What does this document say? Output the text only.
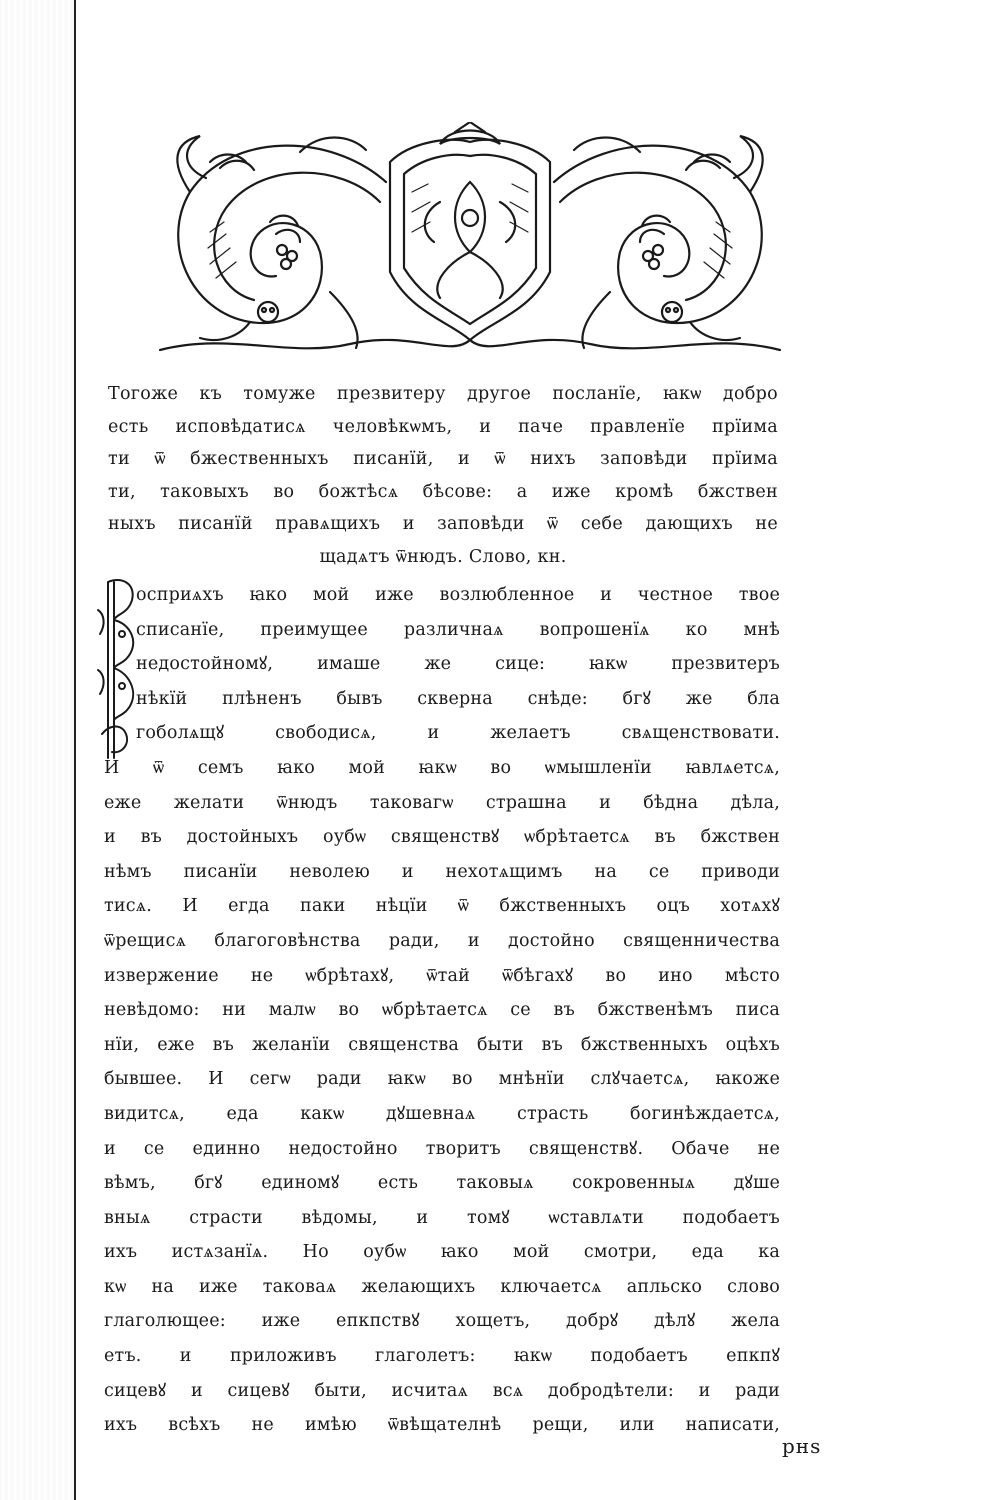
Тогоже къ томуже презвитеру другое посланїе, ꙗкѡ добро
есть исповѣдатисѧ человѣкѡмъ, и паче правленїе прїима
ти ѿ бжественныхъ писанїй, и ѿ нихъ заповѣди прїима
ти, таковыхъ во божтѣсѧ бѣсове: а иже кромѣ бжствен
ныхъ писанїй правѧщихъ и заповѣди ѿ себе дающихъ не
щадѧтъ ѿнюдъ. Слово, кн.
осприѧхъ ꙗко мой иже возлюбленное и честное твое
списанїе, преимущее различнаѧ вопрошенїѧ ко мнѣ
недостойномꙋ, имаше же сице: ꙗкѡ презвитеръ
нѣкїй плѣненъ бывъ скверна снѣде: бгꙋ же бла
гоболѧщꙋ свободисѧ, и желаетъ свѧщенствовати.
И ѿ семъ ꙗко мой ꙗкѡ во ѡмышленїи ꙗвлѧетсѧ,
еже желати ѿнюдъ таковагѡ страшна и бѣдна дѣла,
и въ достойныхъ оубѡ священствꙋ ѡбрѣтаетсѧ въ бжствен
нѣмъ писанїи неволею и нехотѧщимъ на се приводи
тисѧ. И егда паки нѣцїи ѿ бжственныхъ оцъ хотѧхꙋ
ѿрещисѧ благоговѣнства ради, и достойно священничества
извержение не ѡбрѣтахꙋ, ѿтай ѿбѣгахꙋ во ино мѣсто
невѣдомо: ни малѡ во ѡбрѣтаетсѧ се въ бжственѣмъ писа
нїи, еже въ желанїи священства быти въ бжственныхъ оцѣхъ
бывшее. И сегѡ ради ꙗкѡ во мнѣнїи слꙋчаетсѧ, ꙗкоже
видитсѧ, еда какѡ дꙋшевнаѧ страсть богинѣждаетсѧ,
и се единно недостойно творитъ священствꙋ. Обаче не
вѣмъ, бгꙋ единомꙋ есть таковыѧ сокровенныѧ дꙋше
вныѧ страсти вѣдомы, и томꙋ ѡставлѧти подобаетъ
ихъ истѧзанїѧ. Но оубѡ ꙗко мой смотри, еда ка
кѡ на иже таковаѧ желающихъ ключаетсѧ апльско слово
глаголющее: иже епкпствꙋ хощетъ, добрꙋ дѣлꙋ жела
етъ. и приложивъ глаголетъ: ꙗкѡ подобаетъ епкпꙋ
сицевꙋ и сицевꙋ быти, исчитаѧ всѧ добродѣтели: и ради
ихъ всѣхъ не имѣю ѿвѣщателнѣ рещи, или написати,
рнѕ
